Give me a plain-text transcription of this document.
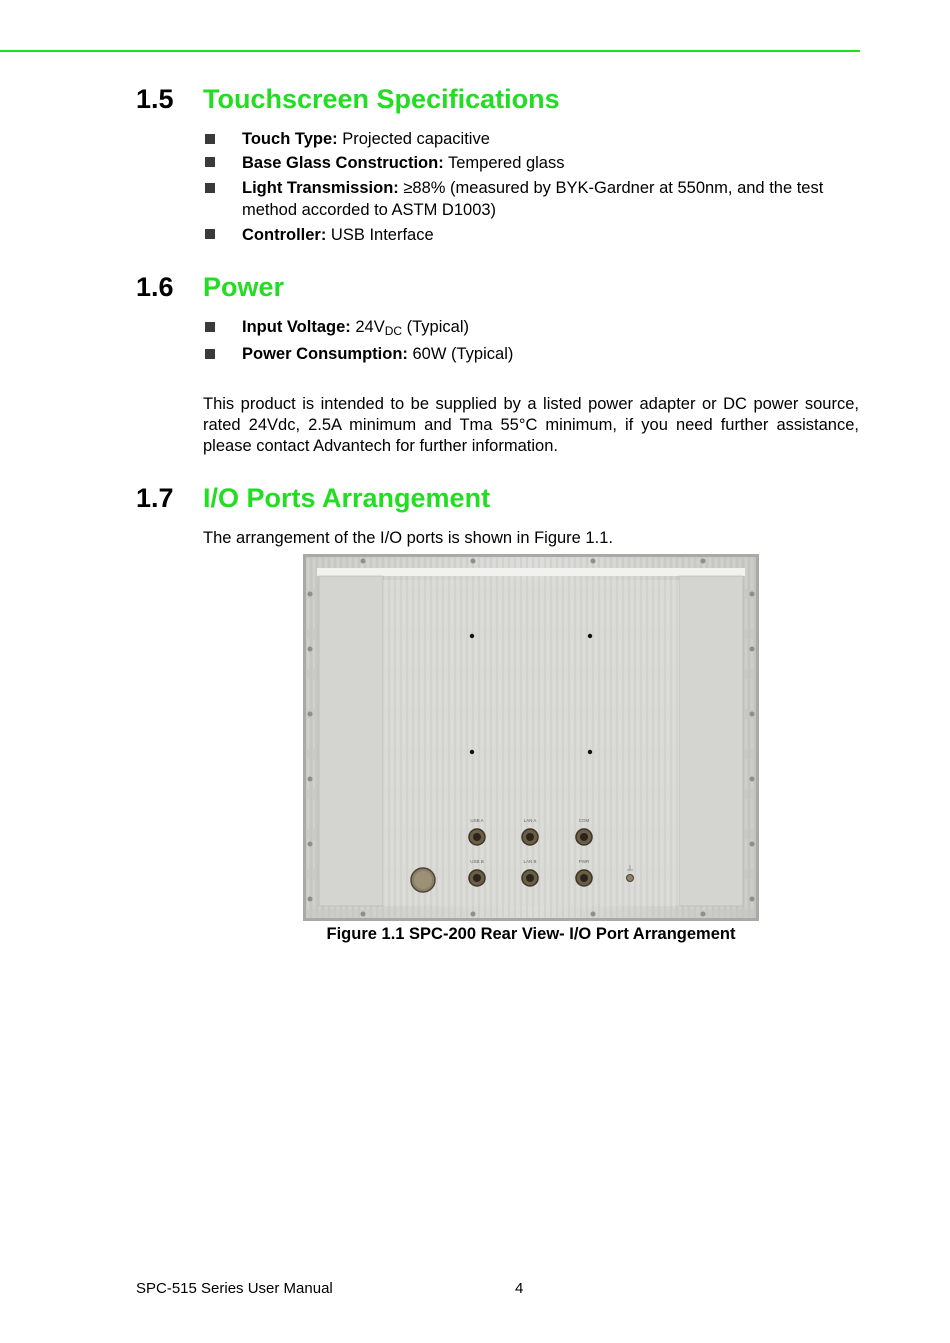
1.5 Touchscreen Specifications
Touch Type: Projected capacitive
Base Glass Construction: Tempered glass
Light Transmission: ≥88% (measured by BYK-Gardner at 550nm, and the test method accorded to ASTM D1003)
Controller: USB Interface
1.6 Power
Input Voltage: $24V_{DC}$ (Typical)
Power Consumption: 60W (Typical)
This product is intended to be supplied by a listed power adapter or DC power source, rated 24Vdc, 2.5A minimum and Tma 55°C minimum, if you need further assistance, please contact Advantech for further information.
1.7 I/O Ports Arrangement
The arrangement of the I/O ports is shown in Figure 1.1.
USB A	LAN A	COM
USB B	LAN B	PWR
Figure 1.1 SPC-200 Rear View- I/O Port Arrangement
SPC-515 Series User Manual	4
